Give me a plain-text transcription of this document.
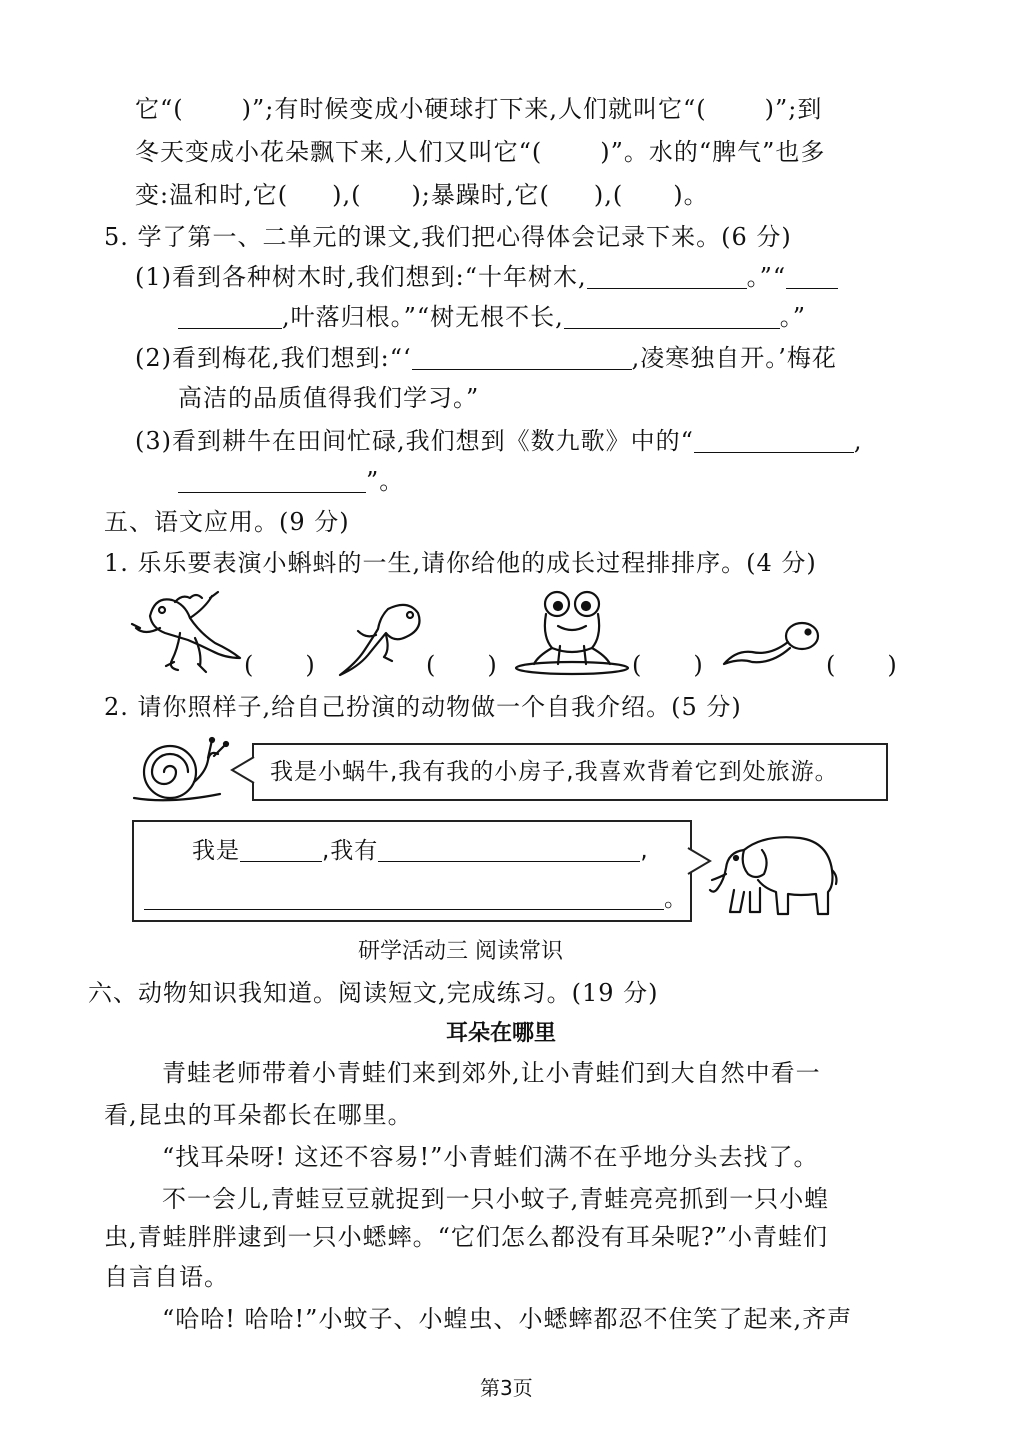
它“( )”;有时候变成小硬球打下来,人们就叫它“( )”;到
冬天变成小花朵飘下来,人们又叫它“( )”。水的“脾气”也多
变:温和时,它( ),( );暴躁时,它( ),( )。
5. 学了第一、二单元的课文,我们把心得体会记录下来。(6 分)
(1)看到各种树木时,我们想到:“十年树木,	。”“
,叶落归根。”“树无根不长,	。”
(2)看到梅花,我们想到:“‘	,凌寒独自开。’梅花
高洁的品质值得我们学习。”
(3)看到耕牛在田间忙碌,我们想到《数九歌》中的“	,
”。
五、语文应用。(9 分)
1. 乐乐要表演小蝌蚪的一生,请你给他的成长过程排排序。(4 分)
( )	( )	( )	( )
2. 请你照样子,给自己扮演的动物做一个自我介绍。(5 分)
我是小蜗牛,我有我的小房子,我喜欢背着它到处旅游。
我是	,我有	,
。
研学活动三 阅读常识
六、动物知识我知道。阅读短文,完成练习。(19 分)
耳朵在哪里
青蛙老师带着小青蛙们来到郊外,让小青蛙们到大自然中看一
看,昆虫的耳朵都长在哪里。
“找耳朵呀! 这还不容易!”小青蛙们满不在乎地分头去找了。
不一会儿,青蛙豆豆就捉到一只小蚊子,青蛙亮亮抓到一只小蝗
虫,青蛙胖胖逮到一只小蟋蟀。“它们怎么都没有耳朵呢?”小青蛙们
自言自语。
“哈哈! 哈哈!”小蚊子、小蝗虫、小蟋蟀都忍不住笑了起来,齐声
第3页
